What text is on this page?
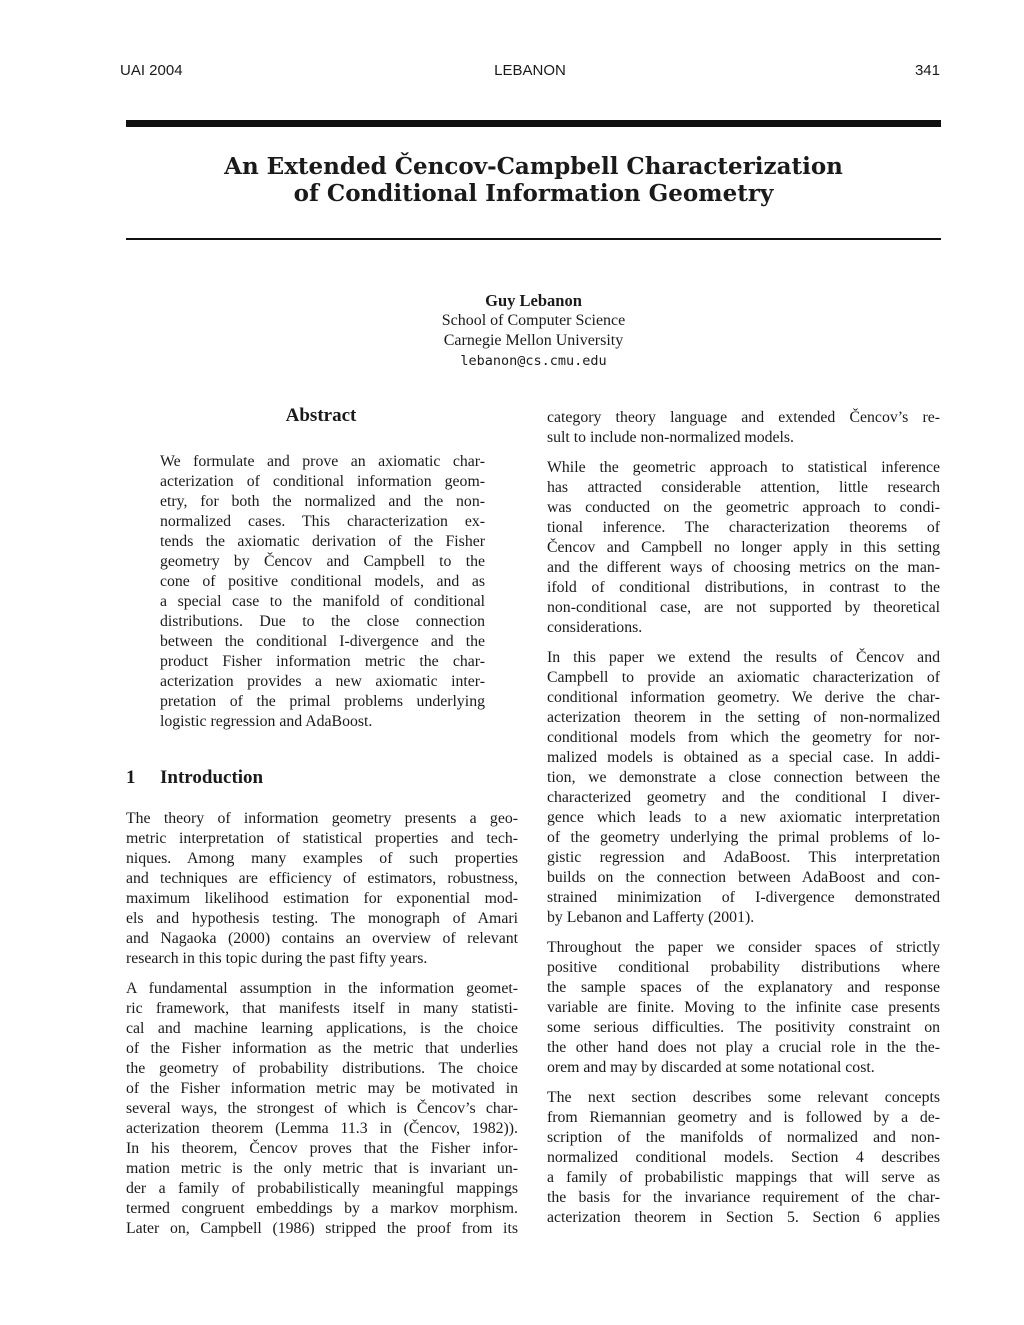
UAI 2004	LEBANON	341
An Extended Čencov-Campbell Characterization
of Conditional Information Geometry
Guy Lebanon
School of Computer Science
Carnegie Mellon University
lebanon@cs.cmu.edu
Abstract
We formulate and prove an axiomatic char-
acterization of conditional information geom-
etry, for both the normalized and the non-
normalized cases. This characterization ex-
tends the axiomatic derivation of the Fisher
geometry by Čencov and Campbell to the
cone of positive conditional models, and as
a special case to the manifold of conditional
distributions. Due to the close connection
between the conditional I-divergence and the
product Fisher information metric the char-
acterization provides a new axiomatic inter-
pretation of the primal problems underlying
logistic regression and AdaBoost.
1 Introduction
The theory of information geometry presents a geo-
metric interpretation of statistical properties and tech-
niques. Among many examples of such properties
and techniques are efficiency of estimators, robustness,
maximum likelihood estimation for exponential mod-
els and hypothesis testing. The monograph of Amari
and Nagaoka (2000) contains an overview of relevant
research in this topic during the past fifty years.
A fundamental assumption in the information geomet-
ric framework, that manifests itself in many statisti-
cal and machine learning applications, is the choice
of the Fisher information as the metric that underlies
the geometry of probability distributions. The choice
of the Fisher information metric may be motivated in
several ways, the strongest of which is Čencov’s char-
acterization theorem (Lemma 11.3 in (Čencov, 1982)).
In his theorem, Čencov proves that the Fisher infor-
mation metric is the only metric that is invariant un-
der a family of probabilistically meaningful mappings
termed congruent embeddings by a markov morphism.
Later on, Campbell (1986) stripped the proof from its
category theory language and extended Čencov’s re-
sult to include non-normalized models.
While the geometric approach to statistical inference
has attracted considerable attention, little research
was conducted on the geometric approach to condi-
tional inference. The characterization theorems of
Čencov and Campbell no longer apply in this setting
and the different ways of choosing metrics on the man-
ifold of conditional distributions, in contrast to the
non-conditional case, are not supported by theoretical
considerations.
In this paper we extend the results of Čencov and
Campbell to provide an axiomatic characterization of
conditional information geometry. We derive the char-
acterization theorem in the setting of non-normalized
conditional models from which the geometry for nor-
malized models is obtained as a special case. In addi-
tion, we demonstrate a close connection between the
characterized geometry and the conditional I diver-
gence which leads to a new axiomatic interpretation
of the geometry underlying the primal problems of lo-
gistic regression and AdaBoost. This interpretation
builds on the connection between AdaBoost and con-
strained minimization of I-divergence demonstrated
by Lebanon and Lafferty (2001).
Throughout the paper we consider spaces of strictly
positive conditional probability distributions where
the sample spaces of the explanatory and response
variable are finite. Moving to the infinite case presents
some serious difficulties. The positivity constraint on
the other hand does not play a crucial role in the the-
orem and may by discarded at some notational cost.
The next section describes some relevant concepts
from Riemannian geometry and is followed by a de-
scription of the manifolds of normalized and non-
normalized conditional models. Section 4 describes
a family of probabilistic mappings that will serve as
the basis for the invariance requirement of the char-
acterization theorem in Section 5. Section 6 applies
